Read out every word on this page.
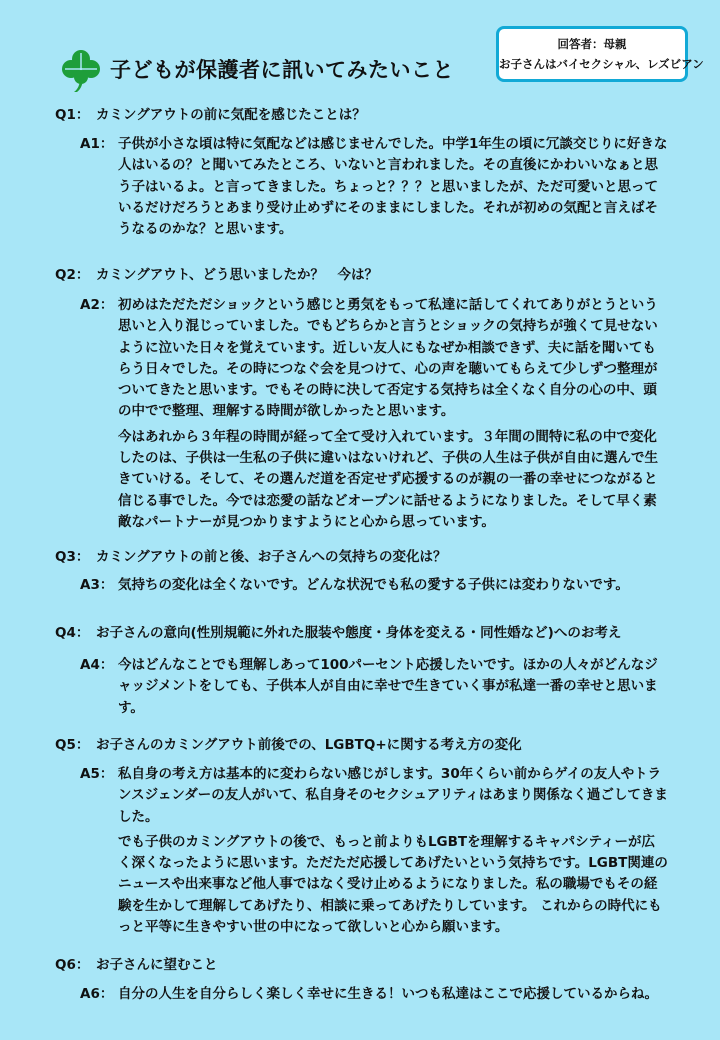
子どもが保護者に訊いてみたいこと
回答者：母親
お子さんはバイセクシャル、レズビアン
Q1： カミングアウトの前に気配を感じたことは？
A1： 子供が小さな頃は特に気配などは感じませんでした。中学1年生の頃に冗談交じりに好きな人はいるの？と聞いてみたところ、いないと言われました。その直後にかわいいなぁと思う子はいるよ。と言ってきました。ちょっと？？？と思いましたが、ただ可愛いと思っているだけだろうとあまり受け止めずにそのままにしました。それが初めの気配と言えばそうなるのかな？と思います。

Q2： カミングアウト、どう思いましたか？　今は？
A2： 初めはただただショックという感じと勇気をもって私達に話してくれてありがとうという思いと入り混じっていました。でもどちらかと言うとショックの気持ちが強くて見せないように泣いた日々を覚えています。近しい友人にもなぜか相談できず、夫に話を聞いてもらう日々でした。その時につなぐ会を見つけて、心の声を聴いてもらえて少しずつ整理がついてきたと思います。でもその時に決して否定する気持ちは全くなく自分の心の中、頭の中でで整理、理解する時間が欲しかったと思います。

今はあれから３年程の時間が経って全て受け入れています。３年間の間特に私の中で変化したのは、子供は一生私の子供に違いはないけれど、子供の人生は子供が自由に選んで生きていける。そして、その選んだ道を否定せず応援するのが親の一番の幸せにつながると信じる事でした。今では恋愛の話などオープンに話せるようになりました。そして早く素敵なパートナーが見つかりますようにと心から思っています。

Q3： カミングアウトの前と後、お子さんへの気持ちの変化は？
A3： 気持ちの変化は全くないです。どんな状況でも私の愛する子供には変わりないです。

Q4： お子さんの意向(性別規範に外れた服装や態度・身体を変える・同性婚など)へのお考え
A4： 今はどんなことでも理解しあって100パーセント応援したいです。ほかの人々がどんなジャッジメントをしても、子供本人が自由に幸せで生きていく事が私達一番の幸せと思います。

Q5： お子さんのカミングアウト前後での、LGBTQ+に関する考え方の変化
A5： 私自身の考え方は基本的に変わらない感じがします。30年くらい前からゲイの友人やトランスジェンダーの友人がいて、私自身そのセクシュアリティはあまり関係なく過ごしてきました。

でも子供のカミングアウトの後で、もっと前よりもLGBTを理解するキャパシティーが広く深くなったように思います。ただただ応援してあげたいという気持ちです。LGBT関連のニュースや出来事など他人事ではなく受け止めるようになりました。私の職場でもその経験を生かして理解してあげたり、相談に乗ってあげたりしています。 これからの時代にもっと平等に生きやすい世の中になって欲しいと心から願います。

Q6： お子さんに望むこと
A6： 自分の人生を自分らしく楽しく幸せに生きる！いつも私達はここで応援しているからね。
